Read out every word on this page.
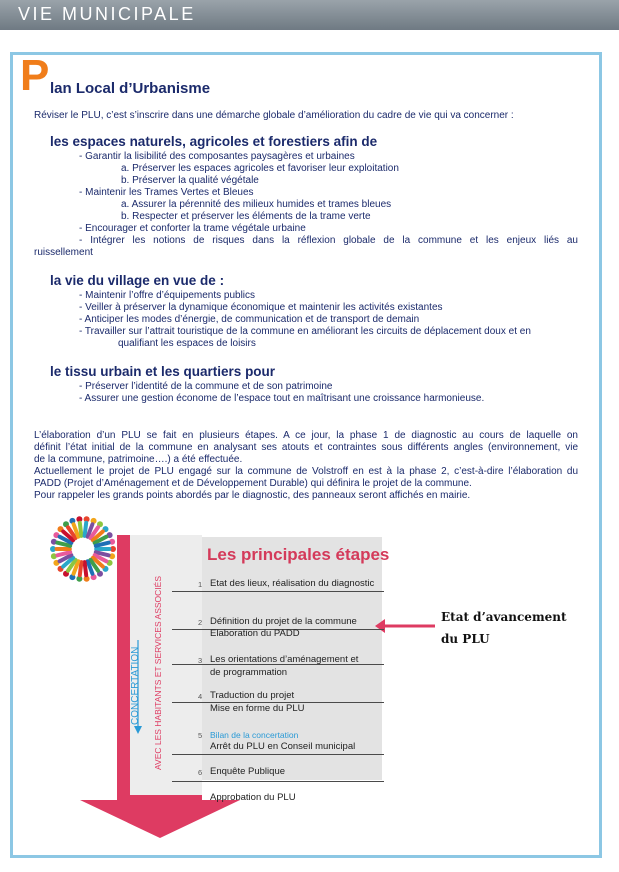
VIE MUNICIPALE
P lan Local d’Urbanisme
Réviser le PLU, c’est s’inscrire dans une démarche globale d’amélioration du cadre de vie qui va concerner :
les espaces naturels, agricoles et forestiers afin de
- Garantir la lisibilité des composantes paysagères et urbaines
a. Préserver les espaces agricoles et favoriser leur exploitation
b. Préserver la qualité végétale
- Maintenir les Trames Vertes et Bleues
a. Assurer la pérennité des milieux humides et trames bleues
b. Respecter et préserver les éléments de la trame verte
- Encourager et conforter la trame végétale urbaine
- Intégrer les notions de risques dans la réflexion globale de la commune et les enjeux liés au
ruissellement
la vie du village en vue de :
- Maintenir l’offre d’équipements publics
- Veiller à préserver la dynamique économique et maintenir les activités existantes
- Anticiper les modes d’énergie, de communication et de transport de demain
- Travailler sur l’attrait touristique de la commune en améliorant les circuits de déplacement doux et en
qualifiant les espaces de loisirs
le tissu urbain et les quartiers pour
- Préserver l’identité de la commune et de son patrimoine
- Assurer une gestion économe de l’espace tout en maîtrisant une croissance harmonieuse.
L’élaboration d’un PLU se fait en plusieurs étapes. A ce jour, la phase 1 de diagnostic au cours de laquelle on
définit l’état initial de la commune en analysant ses atouts et contraintes sous différents angles (environnement, vie
de la commune, patrimoine….) a été effectuée.
Actuellement le projet de PLU engagé sur la commune de Volstroff en est à la phase 2, c’est-à-dire l’élaboration du
PADD (Projet d’Aménagement et de Développement Durable) qui définira le projet de la commune.
Pour rappeler les grands points abordés par le diagnostic, des panneaux seront affichés en mairie.
CONCERTATION AVEC LES HABITANTS ET SERVICES ASSOCIÉS
Les principales étapes
1 Etat des lieux, réalisation du diagnostic
2 Définition du projet de la commune
Elaboration du PADD
3 Les orientations d’aménagement et
de programmation
4 Traduction du projet
Mise en forme du PLU
5 Bilan de la concertation
Arrêt du PLU en Conseil municipal
6 Enquête Publique
Approbation du PLU
Etat d’avancement
du PLU
